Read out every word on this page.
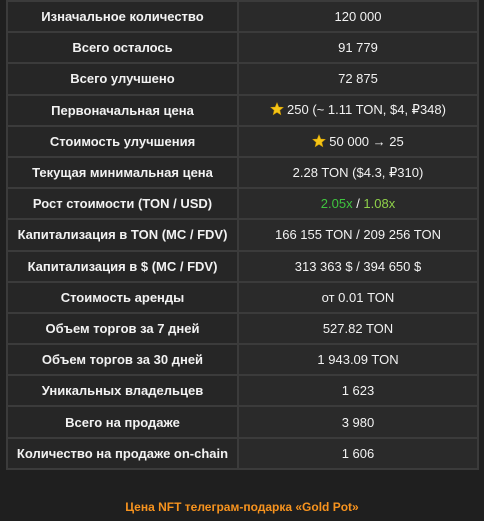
Изначальное количество	120 000
Всего осталось	91 779
Всего улучшено	72 875
Первоначальная цена	250 (~ 1.11 TON, $4, ₽348)
Стоимость улучшения	50 000 → 25
Текущая минимальная цена	2.28 TON ($4.3, ₽310)
Рост стоимости (TON / USD)	2.05x / 1.08x
Капитализация в TON (MC / FDV)	166 155 TON / 209 256 TON
Капитализация в $ (MC / FDV)	313 363 $ / 394 650 $
Стоимость аренды	от 0.01 TON
Объем торгов за 7 дней	527.82 TON
Объем торгов за 30 дней	1 943.09 TON
Уникальных владельцев	1 623
Всего на продаже	3 980
Количество на продаже on-chain	1 606
Цена NFT телеграм-подарка «Gold Pot»
